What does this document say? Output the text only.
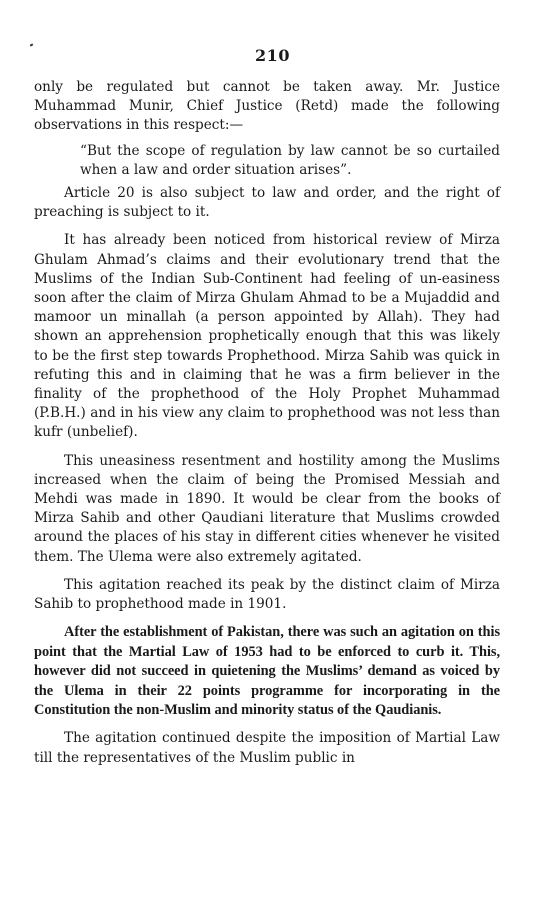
210

only be regulated but cannot be taken away. Mr. Justice Muhammad Munir, Chief Justice (Retd) made the following observations in this respect:—

“But the scope of regulation by law cannot be so curtailed when a law and order situation arises”.

Article 20 is also subject to law and order, and the right of preaching is subject to it.

It has already been noticed from historical review of Mirza Ghulam Ahmad’s claims and their evolutionary trend that the Muslims of the Indian Sub-Continent had feeling of un-easiness soon after the claim of Mirza Ghulam Ahmad to be a Mujaddid and mamoor un minallah (a person appointed by Allah). They had shown an apprehension prophetically enough that this was likely to be the first step towards Prophethood. Mirza Sahib was quick in refuting this and in claiming that he was a firm believer in the finality of the prophethood of the Holy Prophet Muhammad (P.B.H.) and in his view any claim to prophethood was not less than kufr (unbelief).

This uneasiness resentment and hostility among the Muslims increased when the claim of being the Promised Messiah and Mehdi was made in 1890. It would be clear from the books of Mirza Sahib and other Qaudiani literature that Muslims crowded around the places of his stay in different cities whenever he visited them. The Ulema were also extremely agitated.

This agitation reached its peak by the distinct claim of Mirza Sahib to prophethood made in 1901.

After the establishment of Pakistan, there was such an agitation on this point that the Martial Law of 1953 had to be enforced to curb it. This, however did not succeed in quietening the Muslims’ demand as voiced by the Ulema in their 22 points programme for incorporating in the Constitution the non-Muslim and minority status of the Qaudianis.

The agitation continued despite the imposition of Martial Law till the representatives of the Muslim public in
